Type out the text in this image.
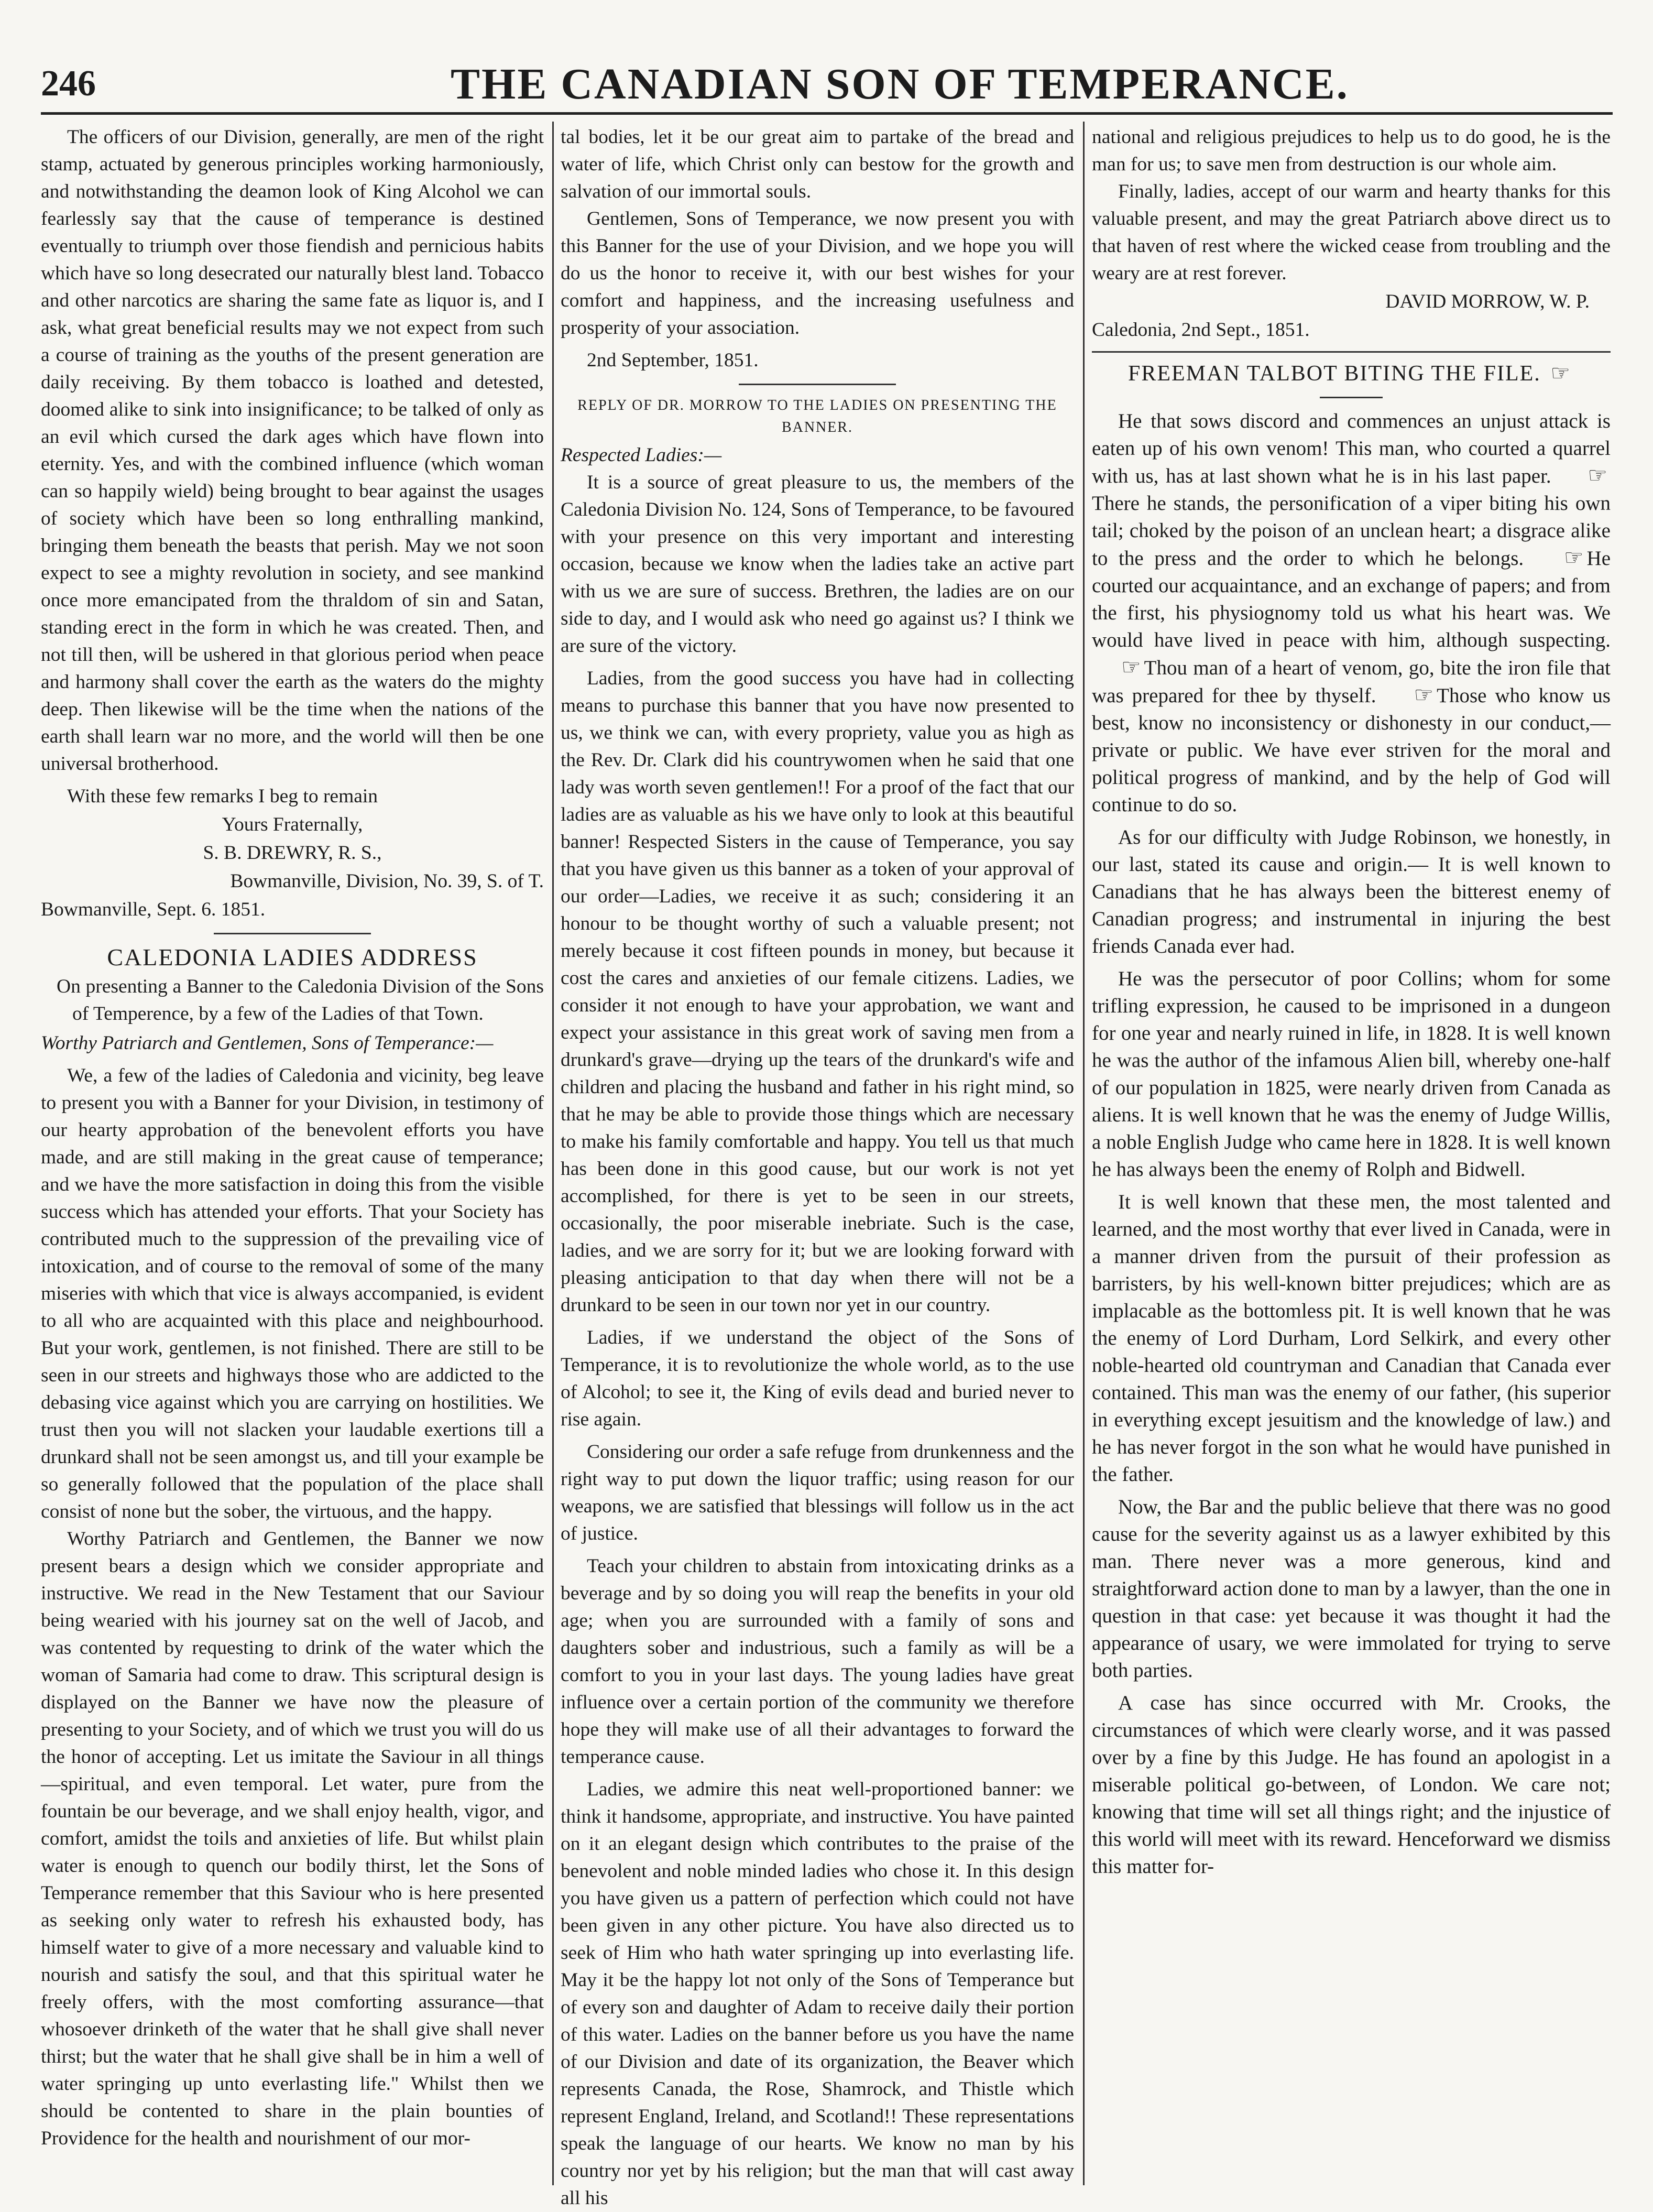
246	THE CANADIAN SON OF TEMPERANCE.

The officers of our Division, generally, are men of the right stamp, actuated by generous principles working harmoniously, and notwithstanding the deamon look of King Alcohol we can fearlessly say that the cause of temperance is destined eventually to triumph over those fiendish and pernicious habits which have so long desecrated our naturally blest land. Tobacco and other narcotics are sharing the same fate as liquor is, and I ask, what great beneficial results may we not expect from such a course of training as the youths of the present generation are daily receiving. By them tobacco is loathed and detested, doomed alike to sink into insignificance; to be talked of only as an evil which cursed the dark ages which have flown into eternity. Yes, and with the combined influence (which woman can so happily wield) being brought to bear against the usages of society which have been so long enthralling mankind, bringing them beneath the beasts that perish. May we not soon expect to see a mighty revolution in society, and see mankind once more emancipated from the thraldom of sin and Satan, standing erect in the form in which he was created. Then, and not till then, will be ushered in that glorious period when peace and harmony shall cover the earth as the waters do the mighty deep. Then likewise will be the time when the nations of the earth shall learn war no more, and the world will then be one universal brotherhood.

With these few remarks I beg to remain

Yours Fraternally,

S. B. DREWRY, R. S.,

Bowmanville, Division, No. 39, S. of T.

Bowmanville, Sept. 6. 1851.

CALEDONIA LADIES ADDRESS

On presenting a Banner to the Caledonia Division of the Sons of Temperence, by a few of the Ladies of that Town.

Worthy Patriarch and Gentlemen, Sons of Temperance:—

We, a few of the ladies of Caledonia and vicinity, beg leave to present you with a Banner for your Division, in testimony of our hearty approbation of the benevolent efforts you have made, and are still making in the great cause of temperance; and we have the more satisfaction in doing this from the visible success which has attended your efforts. That your Society has contributed much to the suppression of the prevailing vice of intoxication, and of course to the removal of some of the many miseries with which that vice is always accompanied, is evident to all who are acquainted with this place and neighbourhood. But your work, gentlemen, is not finished. There are still to be seen in our streets and highways those who are addicted to the debasing vice against which you are carrying on hostilities. We trust then you will not slacken your laudable exertions till a drunkard shall not be seen amongst us, and till your example be so generally followed that the population of the place shall consist of none but the sober, the virtuous, and the happy.

Worthy Patriarch and Gentlemen, the Banner we now present bears a design which we consider appropriate and instructive. We read in the New Testament that our Saviour being wearied with his journey sat on the well of Jacob, and was contented by requesting to drink of the water which the woman of Samaria had come to draw. This scriptural design is displayed on the Banner we have now the pleasure of presenting to your Society, and of which we trust you will do us the honor of accepting. Let us imitate the Saviour in all things—spiritual, and even temporal. Let water, pure from the fountain be our beverage, and we shall enjoy health, vigor, and comfort, amidst the toils and anxieties of life. But whilst plain water is enough to quench our bodily thirst, let the Sons of Temperance remember that this Saviour who is here presented as seeking only water to refresh his exhausted body, has himself water to give of a more necessary and valuable kind to nourish and satisfy the soul, and that this spiritual water he freely offers, with the most comforting assurance—that whosoever drinketh of the water that he shall give shall never thirst; but the water that he shall give shall be in him a well of water springing up unto everlasting life." Whilst then we should be contented to share in the plain bounties of Providence for the health and nourishment of our mor-

tal bodies, let it be our great aim to partake of the bread and water of life, which Christ only can bestow for the growth and salvation of our immortal souls.

Gentlemen, Sons of Temperance, we now present you with this Banner for the use of your Division, and we hope you will do us the honor to receive it, with our best wishes for your comfort and happiness, and the increasing usefulness and prosperity of your association.

2nd September, 1851.

REPLY OF DR. MORROW TO THE LADIES ON PRESENTING THE BANNER.

Respected Ladies:—

It is a source of great pleasure to us, the members of the Caledonia Division No. 124, Sons of Temperance, to be favoured with your presence on this very important and interesting occasion, because we know when the ladies take an active part with us we are sure of success. Brethren, the ladies are on our side to day, and I would ask who need go against us? I think we are sure of the victory.

Ladies, from the good success you have had in collecting means to purchase this banner that you have now presented to us, we think we can, with every propriety, value you as high as the Rev. Dr. Clark did his countrywomen when he said that one lady was worth seven gentlemen!! For a proof of the fact that our ladies are as valuable as his we have only to look at this beautiful banner! Respected Sisters in the cause of Temperance, you say that you have given us this banner as a token of your approval of our order—Ladies, we receive it as such; considering it an honour to be thought worthy of such a valuable present; not merely because it cost fifteen pounds in money, but because it cost the cares and anxieties of our female citizens. Ladies, we consider it not enough to have your approbation, we want and expect your assistance in this great work of saving men from a drunkard's grave—drying up the tears of the drunkard's wife and children and placing the husband and father in his right mind, so that he may be able to provide those things which are necessary to make his family comfortable and happy. You tell us that much has been done in this good cause, but our work is not yet accomplished, for there is yet to be seen in our streets, occasionally, the poor miserable inebriate. Such is the case, ladies, and we are sorry for it; but we are looking forward with pleasing anticipation to that day when there will not be a drunkard to be seen in our town nor yet in our country.

Ladies, if we understand the object of the Sons of Temperance, it is to revolutionize the whole world, as to the use of Alcohol; to see it, the King of evils dead and buried never to rise again.

Considering our order a safe refuge from drunkenness and the right way to put down the liquor traffic; using reason for our weapons, we are satisfied that blessings will follow us in the act of justice.

Teach your children to abstain from intoxicating drinks as a beverage and by so doing you will reap the benefits in your old age; when you are surrounded with a family of sons and daughters sober and industrious, such a family as will be a comfort to you in your last days. The young ladies have great influence over a certain portion of the community we therefore hope they will make use of all their advantages to forward the temperance cause.

Ladies, we admire this neat well-proportioned banner: we think it handsome, appropriate, and instructive. You have painted on it an elegant design which contributes to the praise of the benevolent and noble minded ladies who chose it. In this design you have given us a pattern of perfection which could not have been given in any other picture. You have also directed us to seek of Him who hath water springing up into everlasting life. May it be the happy lot not only of the Sons of Temperance but of every son and daughter of Adam to receive daily their portion of this water. Ladies on the banner before us you have the name of our Division and date of its organization, the Beaver which represents Canada, the Rose, Shamrock, and Thistle which represent England, Ireland, and Scotland!! These representations speak the language of our hearts. We know no man by his country nor yet by his religion; but the man that will cast away all his

national and religious prejudices to help us to do good, he is the man for us; to save men from destruction is our whole aim.

Finally, ladies, accept of our warm and hearty thanks for this valuable present, and may the great Patriarch above direct us to that haven of rest where the wicked cease from troubling and the weary are at rest forever.

DAVID MORROW, W. P.

Caledonia, 2nd Sept., 1851.

FREEMAN TALBOT BITING THE FILE. ☞

He that sows discord and commences an unjust attack is eaten up of his own venom! This man, who courted a quarrel with us, has at last shown what he is in his last paper. ☞There he stands, the personification of a viper biting his own tail; choked by the poison of an unclean heart; a disgrace alike to the press and the order to which he belongs. ☞ He courted our acquaintance, and an exchange of papers; and from the first, his physiognomy told us what his heart was. We would have lived in peace with him, although suspecting. ☞ Thou man of a heart of venom, go, bite the iron file that was prepared for thee by thyself. ☞ Those who know us best, know no inconsistency or dishonesty in our conduct,—private or public. We have ever striven for the moral and political progress of mankind, and by the help of God will continue to do so.

As for our difficulty with Judge Robinson, we honestly, in our last, stated its cause and origin.— It is well known to Canadians that he has always been the bitterest enemy of Canadian progress; and instrumental in injuring the best friends Canada ever had.

He was the persecutor of poor Collins; whom for some trifling expression, he caused to be imprisoned in a dungeon for one year and nearly ruined in life, in 1828. It is well known he was the author of the infamous Alien bill, whereby one-half of our population in 1825, were nearly driven from Canada as aliens. It is well known that he was the enemy of Judge Willis, a noble English Judge who came here in 1828. It is well known he has always been the enemy of Rolph and Bidwell.

It is well known that these men, the most talented and learned, and the most worthy that ever lived in Canada, were in a manner driven from the pursuit of their profession as barristers, by his well-known bitter prejudices; which are as implacable as the bottomless pit. It is well known that he was the enemy of Lord Durham, Lord Selkirk, and every other noble-hearted old countryman and Canadian that Canada ever contained. This man was the enemy of our father, (his superior in everything except jesuitism and the knowledge of law.) and he has never forgot in the son what he would have punished in the father.

Now, the Bar and the public believe that there was no good cause for the severity against us as a lawyer exhibited by this man. There never was a more generous, kind and straightforward action done to man by a lawyer, than the one in question in that case: yet because it was thought it had the appearance of usary, we were immolated for trying to serve both parties.

A case has since occurred with Mr. Crooks, the circumstances of which were clearly worse, and it was passed over by a fine by this Judge. He has found an apologist in a miserable political go-between, of London. We care not; knowing that time will set all things right; and the injustice of this world will meet with its reward. Henceforward we dismiss this matter for-
